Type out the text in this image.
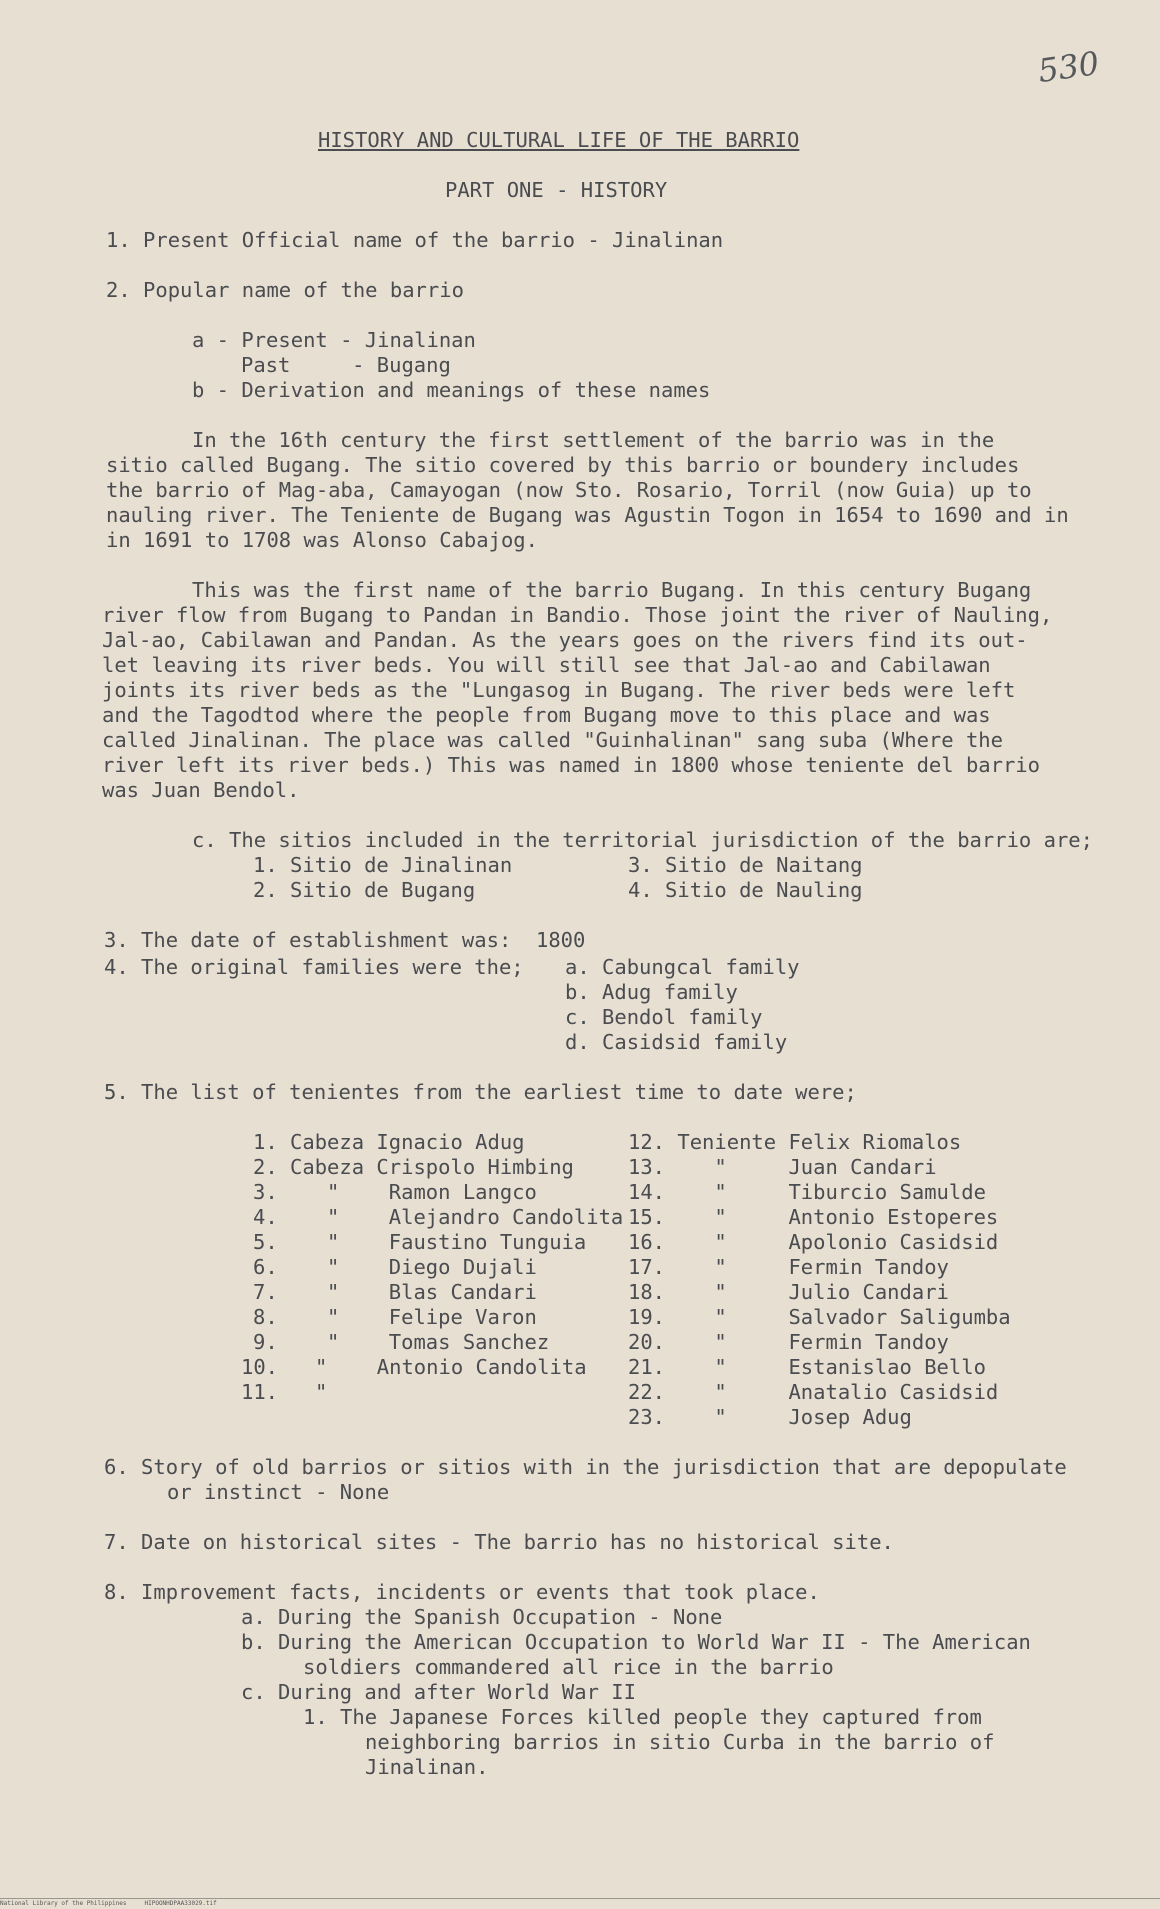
530
HISTORY AND CULTURAL LIFE OF THE BARRIO
PART ONE - HISTORY
1. Present Official name of the barrio - Jinalinan
2. Popular name of the barrio
a - Present - Jinalinan
Past     - Bugang
b - Derivation and meanings of these names
In the 16th century the first settlement of the barrio was in the
sitio called Bugang. The sitio covered by this barrio or boundery includes
the barrio of Mag-aba, Camayogan (now Sto. Rosario, Torril (now Guia) up to
nauling river. The Teniente de Bugang was Agustin Togon in 1654 to 1690 and in
in 1691 to 1708 was Alonso Cabajog.
This was the first name of the barrio Bugang. In this century Bugang
river flow from Bugang to Pandan in Bandio. Those joint the river of Nauling,
Jal-ao, Cabilawan and Pandan. As the years goes on the rivers find its out-
let leaving its river beds. You will still see that Jal-ao and Cabilawan
joints its river beds as the "Lungasog in Bugang. The river beds were left
and the Tagodtod where the people from Bugang move to this place and was
called Jinalinan. The place was called "Guinhalinan" sang suba (Where the
river left its river beds.) This was named in 1800 whose teniente del barrio
was Juan Bendol.
c. The sitios included in the territorial jurisdiction of the barrio are;
1. Sitio de Jinalinan
2. Sitio de Bugang
3. Sitio de Naitang
4. Sitio de Nauling
3. The date of establishment was:  1800
4. The original families were the; a. Cabungcal family
b. Adug family
c. Bendol family
d. Casidsid family
5. The list of tenientes from the earliest time to date were;
1. Cabeza Ignacio Adug
2. Cabeza Crispolo Himbing
3.    "    Ramon Langco
4.    "    Alejandro Candolita
5.    "    Faustino Tunguia
6.    "    Diego Dujali
7.    "    Blas Candari
8.    "    Felipe Varon
9.    "    Tomas Sanchez
10.   "    Antonio Candolita
11.   "
12. Teniente Felix Riomalos
13.    "     Juan Candari
14.    "     Tiburcio Samulde
15.    "     Antonio Estoperes
16.    "     Apolonio Casidsid
17.    "     Fermin Tandoy
18.    "     Julio Candari
19.    "     Salvador Saligumba
20.    "     Fermin Tandoy
21.    "     Estanislao Bello
22.    "     Anatalio Casidsid
23.    "     Josep Adug
6. Story of old barrios or sitios with in the jurisdiction that are depopulate
or instinct - None
7. Date on historical sites - The barrio has no historical site.
8. Improvement facts, incidents or events that took place.
a. During the Spanish Occupation - None
b. During the American Occupation to World War II - The American
soldiers commandered all rice in the barrio
c. During and after World War II
1. The Japanese Forces killed people they captured from
neighboring barrios in sitio Curba in the barrio of
Jinalinan.
National Library of the Philippines     HIPOONHDPAA33029.tif
